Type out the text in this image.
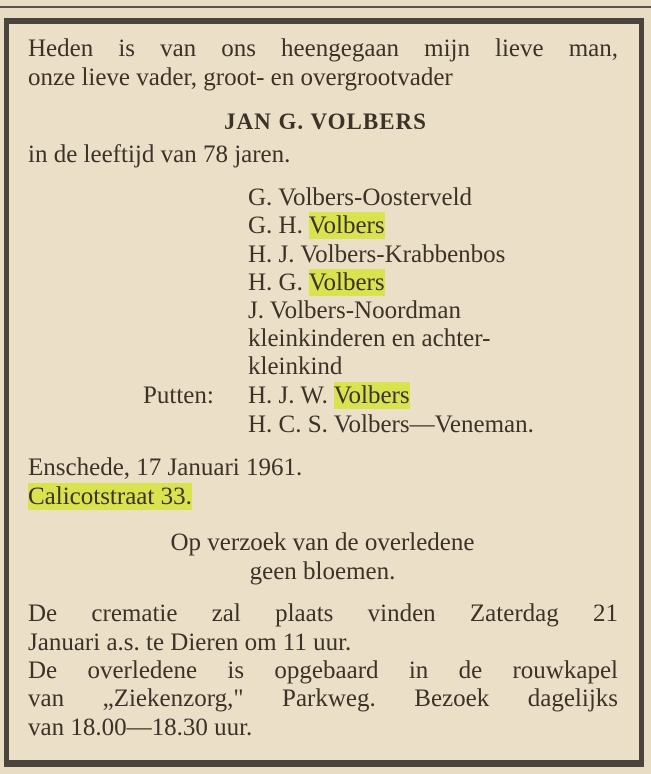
Heden is van ons heengegaan mijn lieve man,
onze lieve vader, groot- en overgrootvader
JAN G. VOLBERS
in de leeftijd van 78 jaren.
G. Volbers-Oosterveld
G. H. Volbers
H. J. Volbers-Krabbenbos
H. G. Volbers
J. Volbers-Noordman
kleinkinderen en achter-
kleinkind
H. J. W. Volbers
H. C. S. Volbers—Veneman.
Putten:
Enschede, 17 Januari 1961.
Calicotstraat 33.
Op verzoek van de overledene
geen bloemen.
De crematie zal plaats vinden Zaterdag 21
Januari a.s. te Dieren om 11 uur.
De overledene is opgebaard in de rouwkapel
van „Ziekenzorg," Parkweg. Bezoek dagelijks
van 18.00—18.30 uur.
